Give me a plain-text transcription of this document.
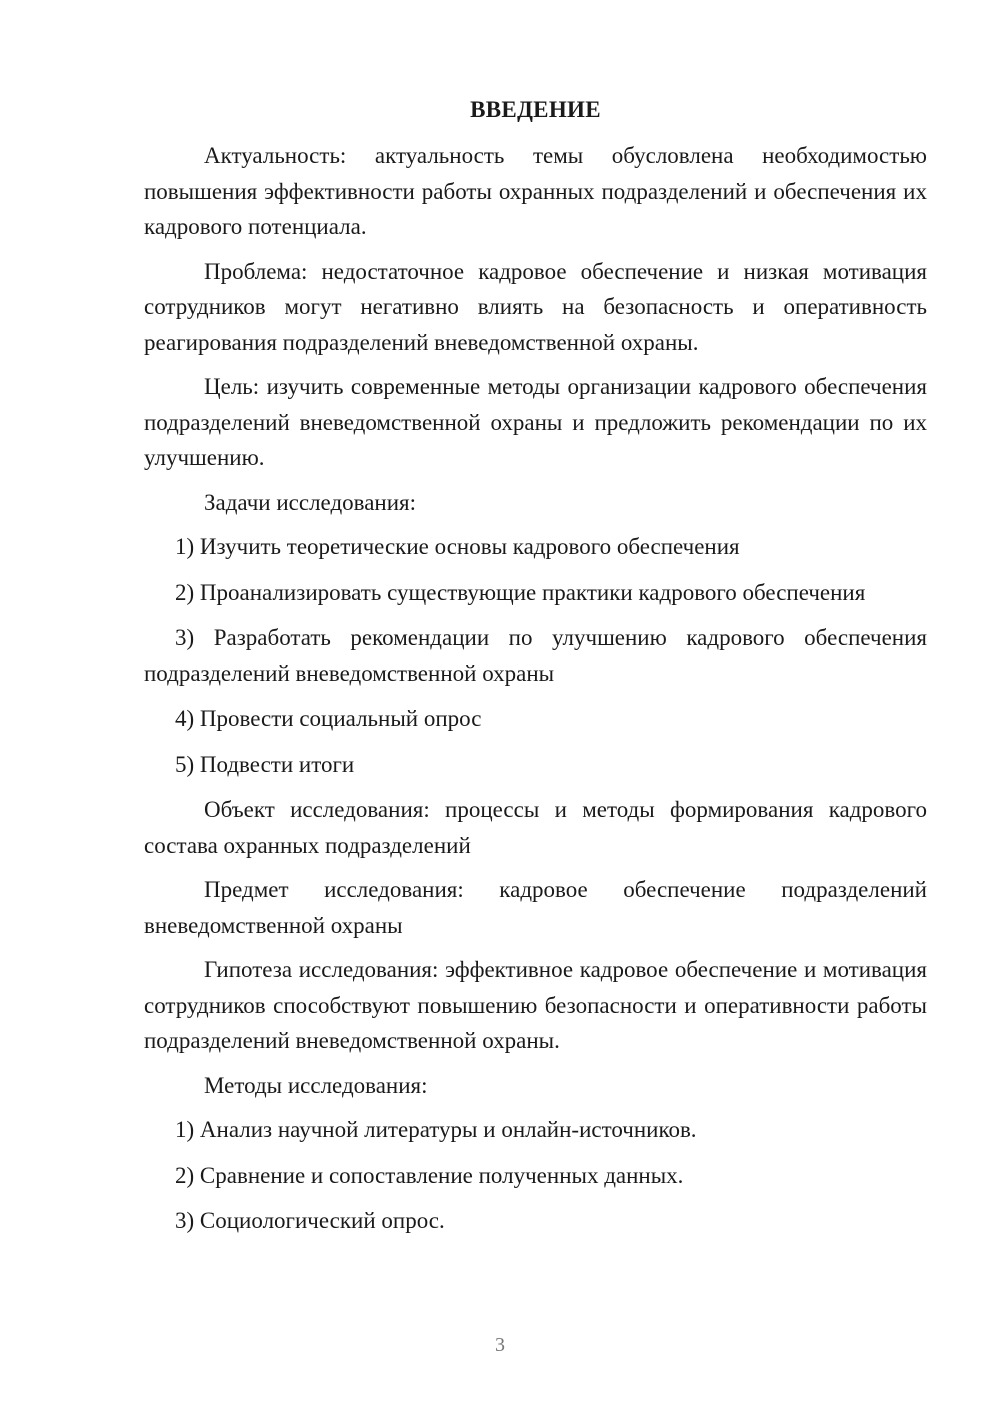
ВВЕДЕНИЕ

Актуальность: актуальность темы обусловлена необходимостью повышения эффективности работы охранных подразделений и обеспечения их кадрового потенциала.

Проблема: недостаточное кадровое обеспечение и низкая мотивация сотрудников могут негативно влиять на безопасность и оперативность реагирования подразделений вневедомственной охраны.

Цель: изучить современные методы организации кадрового обеспечения подразделений вневедомственной охраны и предложить рекомендации по их улучшению.

Задачи исследования:

1) Изучить теоретические основы кадрового обеспечения

2) Проанализировать существующие практики кадрового обеспечения

3) Разработать рекомендации по улучшению кадрового обеспечения подразделений вневедомственной охраны

4) Провести социальный опрос

5) Подвести итоги

Объект исследования: процессы и методы формирования кадрового состава охранных подразделений

Предмет исследования: кадровое обеспечение подразделений вневедомственной охраны

Гипотеза исследования: эффективное кадровое обеспечение и мотивация сотрудников способствуют повышению безопасности и оперативности работы подразделений вневедомственной охраны.

Методы исследования:

1) Анализ научной литературы и онлайн-источников.

2) Сравнение и сопоставление полученных данных.

3) Социологический опрос.

3
